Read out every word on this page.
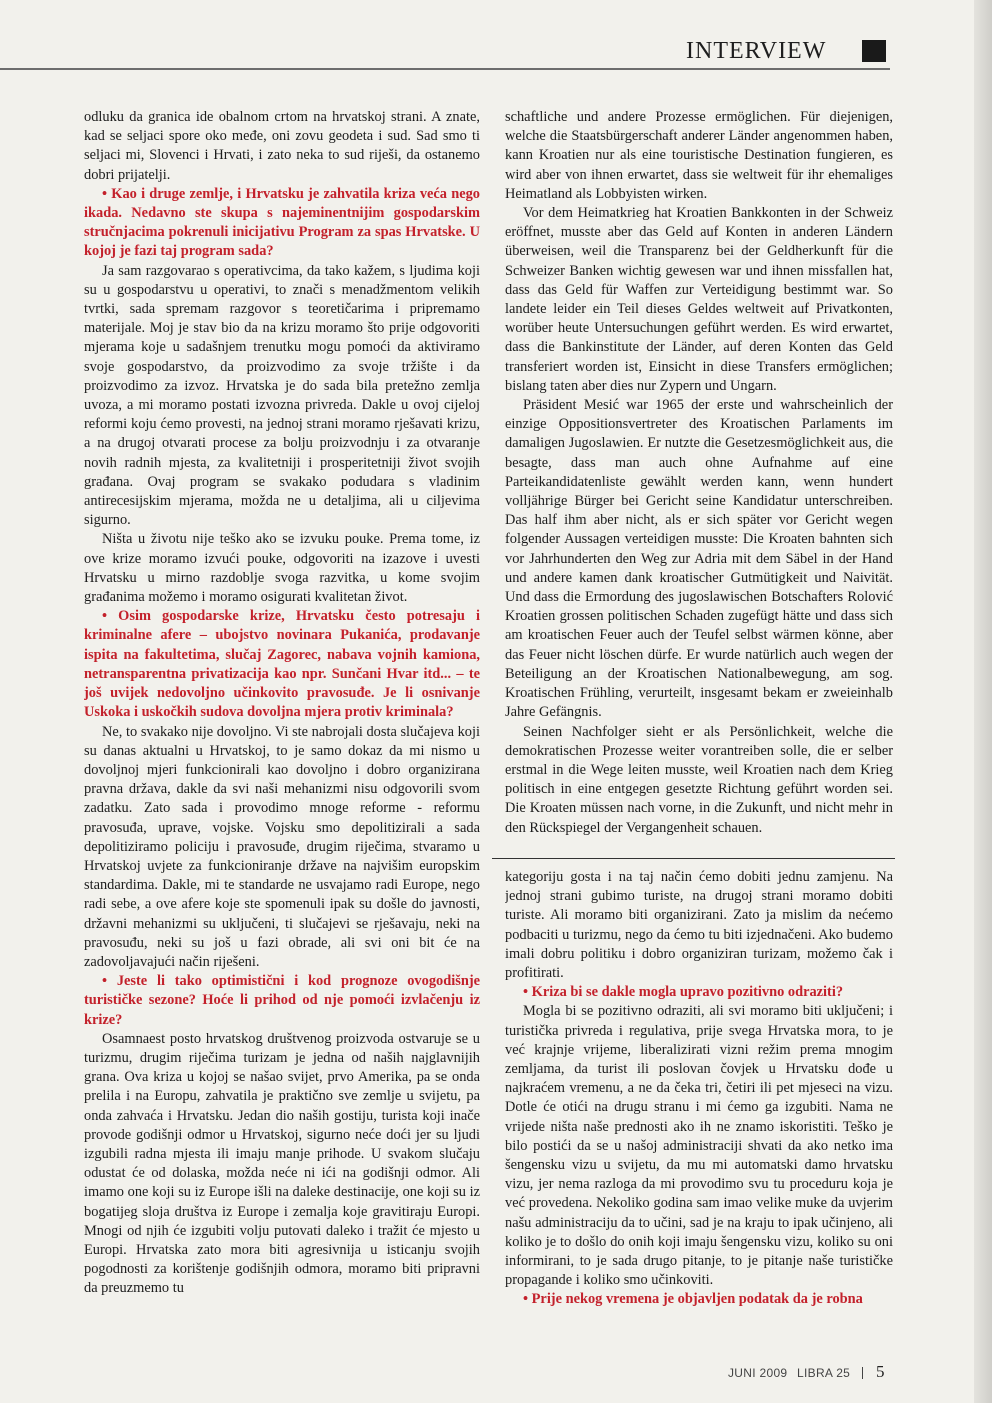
INTERVIEW

odluku da granica ide obalnom crtom na hrvatskoj strani. A znate, kad se seljaci spore oko međe, oni zovu geodeta i sud. Sad smo ti seljaci mi, Slovenci i Hrvati, i zato neka to sud riješi, da ostanemo dobri prijatelji.

• Kao i druge zemlje, i Hrvatsku je zahvatila kriza veća nego ikada. Nedavno ste skupa s najeminentnijim gospodarskim stručnjacima pokrenuli inicijativu Program za spas Hrvatske. U kojoj je fazi taj program sada?

Ja sam razgovarao s operativcima, da tako kažem, s ljudima koji su u gospodarstvu u operativi, to znači s menadžmentom velikih tvrtki, sada spremam razgovor s teoretičarima i pripremamo materijale. Moj je stav bio da na krizu moramo što prije odgovoriti mjerama koje u sadašnjem trenutku mogu pomoći da aktiviramo svoje gospodarstvo, da proizvodimo za svoje tržište i da proizvodimo za izvoz. Hrvatska je do sada bila pretežno zemlja uvoza, a mi moramo postati izvozna privreda. Dakle u ovoj cijeloj reformi koju ćemo provesti, na jednoj strani moramo rješavati krizu, a na drugoj otvarati procese za bolju proizvodnju i za otvaranje novih radnih mjesta, za kvalitetniji i prosperitetniji život svojih građana. Ovaj program se svakako podudara s vladinim antirecesijskim mjerama, možda ne u detaljima, ali u ciljevima sigurno.

Ništa u životu nije teško ako se izvuku pouke. Prema tome, iz ove krize moramo izvući pouke, odgovoriti na izazove i uvesti Hrvatsku u mirno razdoblje svoga razvitka, u kome svojim građanima možemo i moramo osigurati kvalitetan život.

• Osim gospodarske krize, Hrvatsku često potresaju i kriminalne afere – ubojstvo novinara Pukanića, prodavanje ispita na fakultetima, slučaj Zagorec, nabava vojnih kamiona, netransparentna privatizacija kao npr. Sunčani Hvar itd... – te još uvijek nedovoljno učinkovito pravosuđe. Je li osnivanje Uskoka i uskočkih sudova dovoljna mjera protiv kriminala?

Ne, to svakako nije dovoljno. Vi ste nabrojali dosta slučajeva koji su danas aktualni u Hrvatskoj, to je samo dokaz da mi nismo u dovoljnoj mjeri funkcionirali kao dovoljno i dobro organizirana pravna država, dakle da svi naši mehanizmi nisu odgovorili svom zadatku. Zato sada i provodimo mnoge reforme - reformu pravosuđa, uprave, vojske. Vojsku smo depolitizirali a sada depolitiziramo policiju i pravosuđe, drugim riječima, stvaramo u Hrvatskoj uvjete za funkcioniranje države na najvišim europskim standardima. Dakle, mi te standarde ne usvajamo radi Europe, nego radi sebe, a ove afere koje ste spomenuli ipak su došle do javnosti, državni mehanizmi su uključeni, ti slučajevi se rješavaju, neki na pravosuđu, neki su još u fazi obrade, ali svi oni bit će na zadovoljavajući način riješeni.

• Jeste li tako optimistični i kod prognoze ovogodišnje turističke sezone? Hoće li prihod od nje pomoći izvlačenju iz krize?

Osamnaest posto hrvatskog društvenog proizvoda ostvaruje se u turizmu, drugim riječima turizam je jedna od naših najglavnijih grana. Ova kriza u kojoj se našao svijet, prvo Amerika, pa se onda prelila i na Europu, zahvatila je praktično sve zemlje u svijetu, pa onda zahvaća i Hrvatsku. Jedan dio naših gostiju, turista koji inače provode godišnji odmor u Hrvatskoj, sigurno neće doći jer su ljudi izgubili radna mjesta ili imaju manje prihode. U svakom slučaju odustat će od dolaska, možda neće ni ići na godišnji odmor. Ali imamo one koji su iz Europe išli na daleke destinacije, one koji su iz bogatijeg sloja društva iz Europe i zemalja koje gravitiraju Europi. Mnogi od njih će izgubiti volju putovati daleko i tražit će mjesto u Europi. Hrvatska zato mora biti agresivnija u isticanju svojih pogodnosti za korištenje godišnjih odmora, moramo biti pripravni da preuzmemo tu

schaftliche und andere Prozesse ermöglichen. Für diejenigen, welche die Staatsbürgerschaft anderer Länder angenommen haben, kann Kroatien nur als eine touristische Destination fungieren, es wird aber von ihnen erwartet, dass sie weltweit für ihr ehemaliges Heimatland als Lobbyisten wirken.

Vor dem Heimatkrieg hat Kroatien Bankkonten in der Schweiz eröffnet, musste aber das Geld auf Konten in anderen Ländern überweisen, weil die Transparenz bei der Geldherkunft für die Schweizer Banken wichtig gewesen war und ihnen missfallen hat, dass das Geld für Waffen zur Verteidigung bestimmt war. So landete leider ein Teil dieses Geldes weltweit auf Privatkonten, worüber heute Untersuchungen geführt werden. Es wird erwartet, dass die Bankinstitute der Länder, auf deren Konten das Geld transferiert worden ist, Einsicht in diese Transfers ermöglichen; bislang taten aber dies nur Zypern und Ungarn.

Präsident Mesić war 1965 der erste und wahrscheinlich der einzige Oppositionsvertreter des Kroatischen Parlaments im damaligen Jugoslawien. Er nutzte die Gesetzesmöglichkeit aus, die besagte, dass man auch ohne Aufnahme auf eine Parteikandidatenliste gewählt werden kann, wenn hundert volljährige Bürger bei Gericht seine Kandidatur unterschreiben. Das half ihm aber nicht, als er sich später vor Gericht wegen folgender Aussagen verteidigen musste: Die Kroaten bahnten sich vor Jahrhunderten den Weg zur Adria mit dem Säbel in der Hand und andere kamen dank kroatischer Gutmütigkeit und Naivität. Und dass die Ermordung des jugoslawischen Botschafters Rolović Kroatien grossen politischen Schaden zugefügt hätte und dass sich am kroatischen Feuer auch der Teufel selbst wärmen könne, aber das Feuer nicht löschen dürfe. Er wurde natürlich auch wegen der Beteiligung an der Kroatischen Nationalbewegung, am sog. Kroatischen Frühling, verurteilt, insgesamt bekam er zweieinhalb Jahre Gefängnis.

Seinen Nachfolger sieht er als Persönlichkeit, welche die demokratischen Prozesse weiter vorantreiben solle, die er selber erstmal in die Wege leiten musste, weil Kroatien nach dem Krieg politisch in eine entgegen gesetzte Richtung geführt worden sei. Die Kroaten müssen nach vorne, in die Zukunft, und nicht mehr in den Rückspiegel der Vergangenheit schauen.

kategoriju gosta i na taj način ćemo dobiti jednu zamjenu. Na jednoj strani gubimo turiste, na drugoj strani moramo dobiti turiste. Ali moramo biti organizirani. Zato ja mislim da nećemo podbaciti u turizmu, nego da ćemo tu biti izjednačeni. Ako budemo imali dobru politiku i dobro organiziran turizam, možemo čak i profitirati.

• Kriza bi se dakle mogla upravo pozitivno odraziti?

Mogla bi se pozitivno odraziti, ali svi moramo biti uključeni; i turistička privreda i regulativa, prije svega Hrvatska mora, to je već krajnje vrijeme, liberalizirati vizni režim prema mnogim zemljama, da turist ili poslovan čovjek u Hrvatsku dođe u najkraćem vremenu, a ne da čeka tri, četiri ili pet mjeseci na vizu. Dotle će otići na drugu stranu i mi ćemo ga izgubiti. Nama ne vrijede ništa naše prednosti ako ih ne znamo iskoristiti. Teško je bilo postići da se u našoj administraciji shvati da ako netko ima šengensku vizu u svijetu, da mu mi automatski damo hrvatsku vizu, jer nema razloga da mi provodimo svu tu proceduru koja je već provedena. Nekoliko godina sam imao velike muke da uvjerim našu administraciju da to učini, sad je na kraju to ipak učinjeno, ali koliko je to došlo do onih koji imaju šengensku vizu, koliko su oni informirani, to je sada drugo pitanje, to je pitanje naše turističke propagande i koliko smo učinkoviti.

• Prije nekog vremena je objavljen podatak da je robna

JUNI 2009 LIBRA 25	5
